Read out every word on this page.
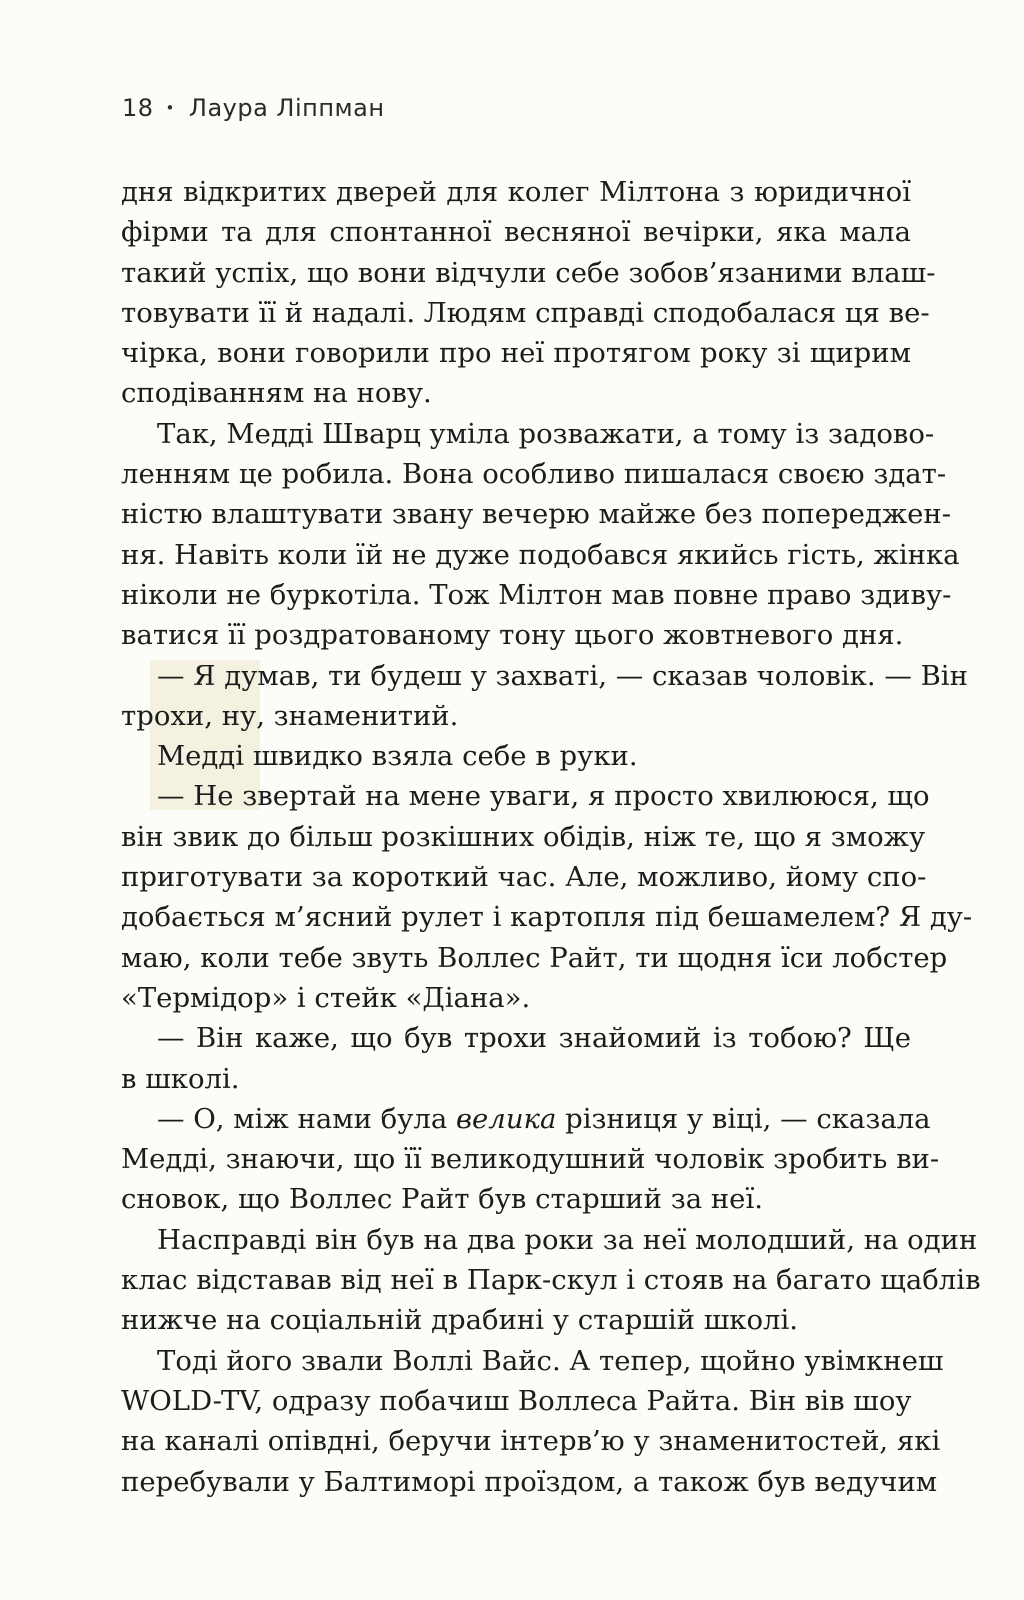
18 • Лаура Ліппман
дня відкритих дверей для колег Мілтона з юридичної
фірми та для спонтанної весняної вечірки, яка мала
такий успіх, що вони відчули себе зобов’язаними влаш-
товувати її й надалі. Людям справді сподобалася ця ве-
чірка, вони говорили про неї протягом року зі щирим
сподіванням на нову.
Так, Медді Шварц уміла розважати, а тому із задово-
ленням це робила. Вона особливо пишалася своєю здат-
ністю влаштувати звану вечерю майже без попереджен-
ня. Навіть коли їй не дуже подобався якийсь гість, жінка
ніколи не буркотіла. Тож Мілтон мав повне право здиву-
ватися її роздратованому тону цього жовтневого дня.
— Я думав, ти будеш у захваті, — сказав чоловік. — Він
трохи, ну, знаменитий.
Медді швидко взяла себе в руки.
— Не звертай на мене уваги, я просто хвилююся, що
він звик до більш розкішних обідів, ніж те, що я зможу
приготувати за короткий час. Але, можливо, йому спо-
добається м’ясний рулет і картопля під бешамелем? Я ду-
маю, коли тебе звуть Воллес Райт, ти щодня їси лобстер
«Термідор» і стейк «Діана».
— Він каже, що був трохи знайомий із тобою? Ще
в школі.
— О, між нами була велика різниця у віці, — сказала
Медді, знаючи, що її великодушний чоловік зробить ви-
сновок, що Воллес Райт був старший за неї.
Насправді він був на два роки за неї молодший, на один
клас відставав від неї в Парк-скул і стояв на багато щаблів
нижче на соціальній драбині у старшій школі.
Тоді його звали Воллі Вайс. А тепер, щойно увімкнеш
WOLD-TV, одразу побачиш Воллеса Райта. Він вів шоу
на каналі опівдні, беручи інтерв’ю у знаменитостей, які
перебували у Балтиморі проїздом, а також був ведучим
